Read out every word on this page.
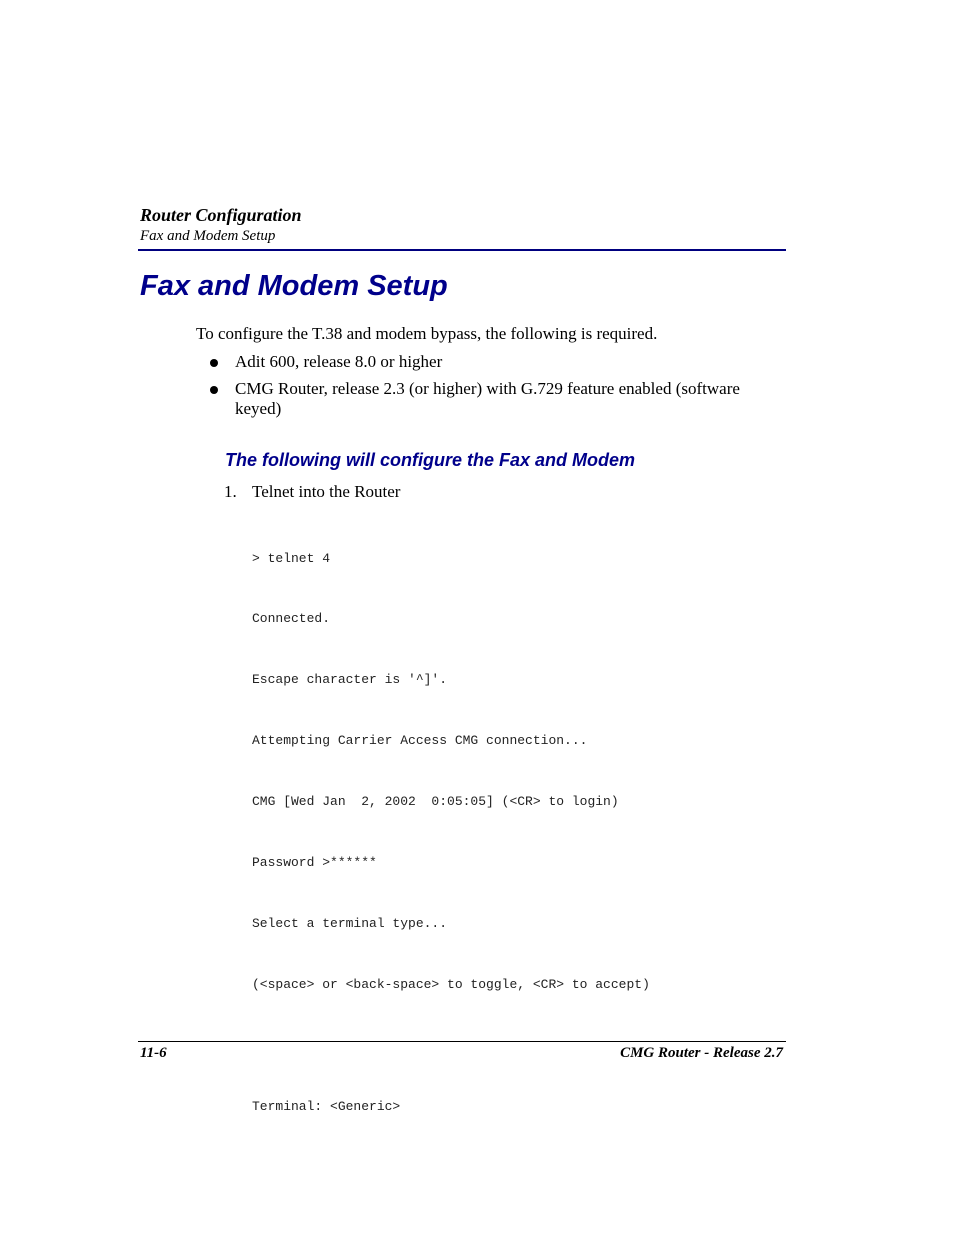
Router Configuration
Fax and Modem Setup
Fax and Modem Setup
To configure the T.38 and modem bypass, the following is required.
Adit 600, release 8.0 or higher
CMG Router, release 2.3 (or higher) with G.729 feature enabled (software keyed)
The following will configure the Fax and Modem
1. Telnet into the Router

> telnet 4

Connected.

Escape character is '^]'.

Attempting Carrier Access CMG connection...

CMG [Wed Jan  2, 2002  0:05:05] (<CR> to login)

Password >******

Select a terminal type...

(<space> or <back-space> to toggle, <CR> to accept)

Terminal: <Generic>

11-6	CMG Router - Release 2.7
